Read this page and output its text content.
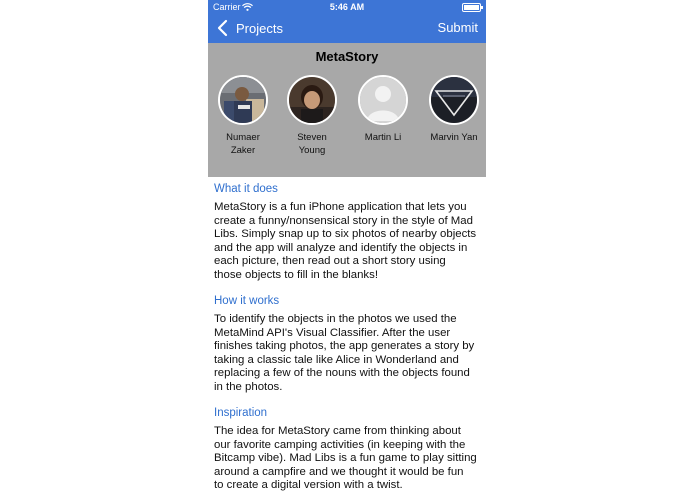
Carrier	5:46 AM
Projects	Submit
MetaStory
Numaer
Zaker
Steven
Young
Martin Li	Marvin Yan
What it does

MetaStory is a fun iPhone application that lets you
create a funny/nonsensical story in the style of Mad
Libs. Simply snap up to six photos of nearby objects
and the app will analyze and identify the objects in
each picture, then read out a short story using
those objects to fill in the blanks!

How it works

To identify the objects in the photos we used the
MetaMind API's Visual Classifier. After the user
finishes taking photos, the app generates a story by
taking a classic tale like Alice in Wonderland and
replacing a few of the nouns with the objects found
in the photos.

Inspiration

The idea for MetaStory came from thinking about
our favorite camping activities (in keeping with the
Bitcamp vibe). Mad Libs is a fun game to play sitting
around a campfire and we thought it would be fun
to create a digital version with a twist.
